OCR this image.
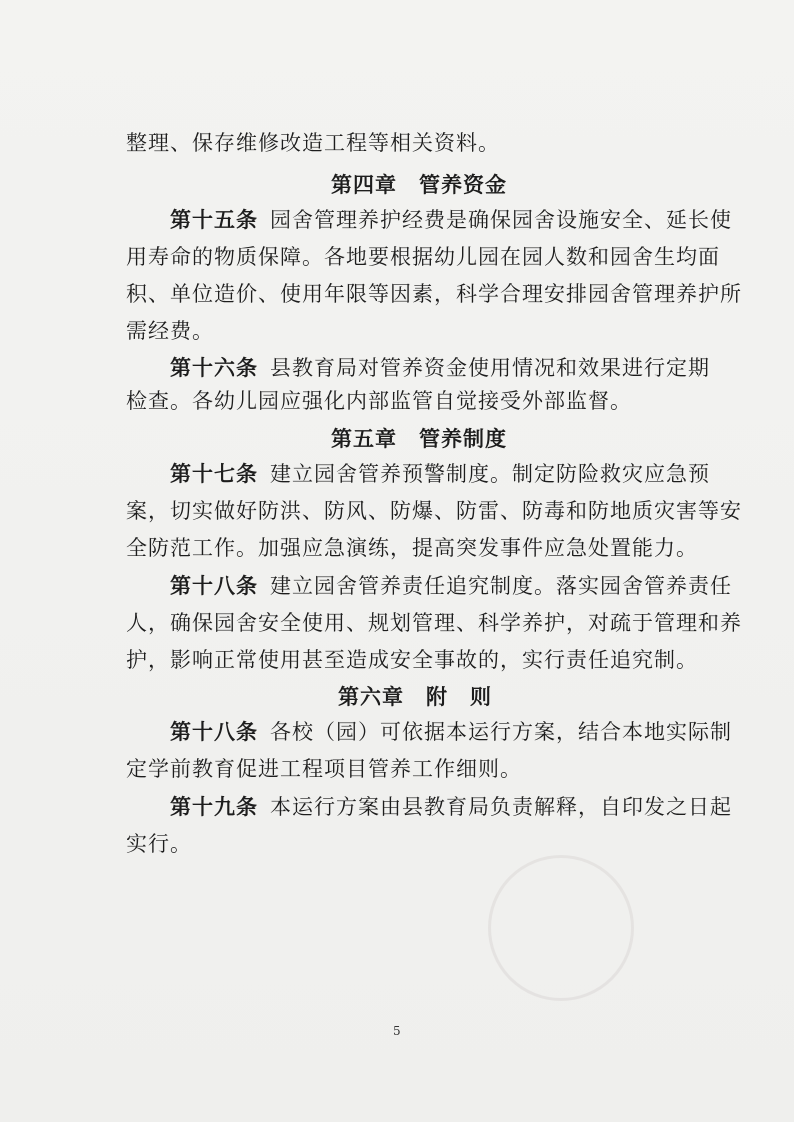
整理、保存维修改造工程等相关资料。
第四章　管养资金
第十五条 园舍管理养护经费是确保园舍设施安全、延长使
用寿命的物质保障。各地要根据幼儿园在园人数和园舍生均面
积、单位造价、使用年限等因素，科学合理安排园舍管理养护所
需经费。
第十六条 县教育局对管养资金使用情况和效果进行定期
检查。各幼儿园应强化内部监管自觉接受外部监督。
第五章　管养制度
第十七条 建立园舍管养预警制度。制定防险救灾应急预
案，切实做好防洪、防风、防爆、防雷、防毒和防地质灾害等安
全防范工作。加强应急演练，提高突发事件应急处置能力。
第十八条 建立园舍管养责任追究制度。落实园舍管养责任
人，确保园舍安全使用、规划管理、科学养护，对疏于管理和养
护，影响正常使用甚至造成安全事故的，实行责任追究制。
第六章　附　则
第十八条 各校（园）可依据本运行方案，结合本地实际制
定学前教育促进工程项目管养工作细则。
第十九条 本运行方案由县教育局负责解释，自印发之日起
实行。
5
